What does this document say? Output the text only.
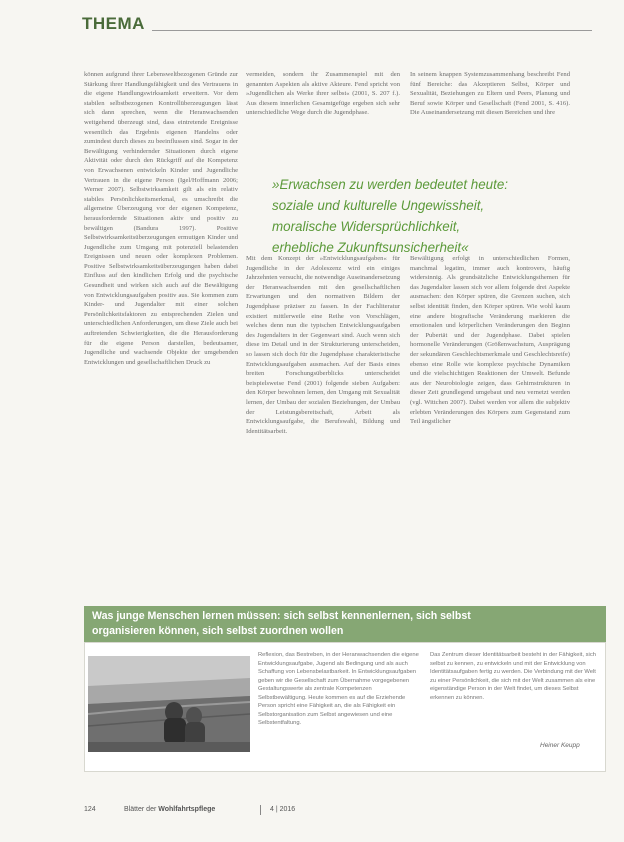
THEMA

können aufgrund ihrer Lebensweltbezogenen Gründe zur Stärkung ihrer Handlungsfähigkeit und des Vertrauens in die eigene Handlungswirksamkeit erweitern. Vor dem stabilen selbstbezogenen Kontrollüberzeugungen lässt sich dann sprechen, wenn die Heranwachsenden weitgehend überzeugt sind, dass eintretende Ereignisse wesentlich das Ergebnis eigenen Handelns oder zumindest durch dieses zu beeinflussen sind. Sogar in der Bewältigung verhindernder Situationen durch eigene Aktivität oder durch den Rückgriff auf die Kompetenz von Erwachsenen entwickeln Kinder und Jugendliche Vertrauen in die eigene Person (Igel/Hoffmann 2006; Werner 2007). Selbstwirksamkeit gilt als ein relativ stabiles Persönlichkeitsmerkmal, es umschreibt die allgemeine Überzeugung vor der eigenen Kompetenz, herausfordernde Situationen aktiv und positiv zu bewältigen (Bandura 1997). Positive Selbstwirksamkeitsüberzeugungen ermutigen Kinder und Jugendliche zum Umgang mit potenziell belastenden Ereignissen und neuen oder komplexen Problemen. Positive Selbstwirksamkeitsüberzeugungen haben dabei Einfluss auf den kindlichen Erfolg und die psychische Gesundheit und wirken sich auch auf die Bewältigung von Entwicklungsaufgaben positiv aus. Sie kommen zum Kinder- und Jugendalter mit einer solchen Persönlichkeitsfaktoren zu entsprechenden Zielen und unterschiedlichen Anforderungen, um diese Ziele auch bei auftretenden Schwierigkeiten, die die Herausforderung für die eigene Person darstellen, bedeutsamer, Jugendliche und wachsende Objekte der umgebenden Entwicklungen und gesellschaftlichen Druck zu

vermeiden, sondern ihr Zusammenspiel mit den genannten Aspekten als aktive Akteure. Fend spricht von »Jugendlichen als Werke ihrer selbst« (2001, S. 207 f.). Aus diesem innerlichen Gesamtgefüge ergeben sich sehr unterschiedliche Wege durch die Jugendphase.

In seinem knappen Systemzusammenhang beschreibt Fend fünf Bereiche: das Akzeptieren Selbst, Körper und Sexualität, Beziehungen zu Eltern und Peers, Planung und Beruf sowie Körper und Gesellschaft (Fend 2001, S. 416). Die Auseinandersetzung mit diesen Bereichen und ihre

»Erwachsen zu werden bedeutet heute:
soziale und kulturelle Ungewissheit,
moralische Widersprüchlichkeit,
erhebliche Zukunftsunsicherheit«

Mit dem Konzept der »Entwicklungsaufgaben« für Jugendliche in der Adoleszenz wird ein einiges Jahrzehnten versucht, die notwendige Auseinandersetzung der Heranwachsenden mit den gesellschaftlichen Erwartungen und den normativen Bildern der Jugendphase präziser zu fassen. In der Fachliteratur existiert mittlerweile eine Reihe von Vorschlägen, welches denn nun die typischen Entwicklungsaufgaben des Jugendalters in der Gegenwart sind. Auch wenn sich diese im Detail und in der Strukturierung unterscheiden, so lassen sich doch für die Jugendphase charakteristische Entwicklungsaufgaben ausmachen. Auf der Basis eines breiten Forschungsüberblicks unterscheidet beispielsweise Fend (2001) folgende sieben Aufgaben: den Körper bewohnen lernen, den Umgang mit Sexualität lernen, der Umbau der sozialen Beziehungen, der Umbau der Leistungsbereitschaft, Arbeit als Entwicklungsaufgabe, die Berufswahl, Bildung und Identitätsarbeit.

Bewältigung erfolgt in unterschiedlichen Formen, manchmal legatim, immer auch kontrovers, häufig widersinnig. Als grundsätzliche Entwicklungsthemen für das Jugendalter lassen sich vor allem folgende drei Aspekte ausmachen: den Körper spüren, die Grenzen suchen, sich selbst identität finden, den Körper spüren. Wie wohl kaum eine andere biografische Veränderung markieren die emotionalen und körperlichen Veränderungen den Beginn der Pubertät und der Jugendphase. Dabei spielen hormonelle Veränderungen (Größenwachstum, Ausprägung der sekundären Geschlechtsmerkmale und Geschlechtsreife) ebenso eine Rolle wie komplexe psychische Dynamiken und die vielschichtigen Reaktionen der Umwelt. Befunde aus der Neurobiologie zeigen, dass Gehirnstrukturen in dieser Zeit grundlegend umgebaut und neu vernetzt werden (vgl. Wittchen 2007). Dabei werden vor allem die subjektiv erlebten Veränderungen des Körpers zum Gegenstand zum Teil ängstlicher

Was junge Menschen lernen müssen: sich selbst kennenlernen, sich selbst
organisieren können, sich selbst zuordnen wollen

Reflexion, das Bestreben, in der Heranwachsenden die eigene Entwicklungsaufgabe, Jugend als Bedingung und als auch Schaffung von Lebensbelastbarkeit. In Entwicklungsaufgaben geben wir die Gesellschaft zum Übernahme vorgegebenen Gestaltungswerte als zentrale Kompetenzen Selbstbewältigung. Heute kommen es auf die Erziehende Person spricht eine Fähigkeit an, die als Fähigkeit ein Selbstorganisation zum Selbst angewiesen und eine Selbstentfaltung.

Das Zentrum dieser Identitätsarbeit besteht in der Fähigkeit, sich selbst zu kennen, zu entwickeln und mit der Entwicklung von Identitätsaufgaben fertig zu werden. Die Verbindung mit der Welt zu einer Persönlichkeit, die sich mit der Welt zusammen als eine eigenständige Person in der Welt findet, um dieses Selbst erkennen zu können.

Heiner Keupp
124	Blätter der Wohlfahrtspflege	4 | 2016
